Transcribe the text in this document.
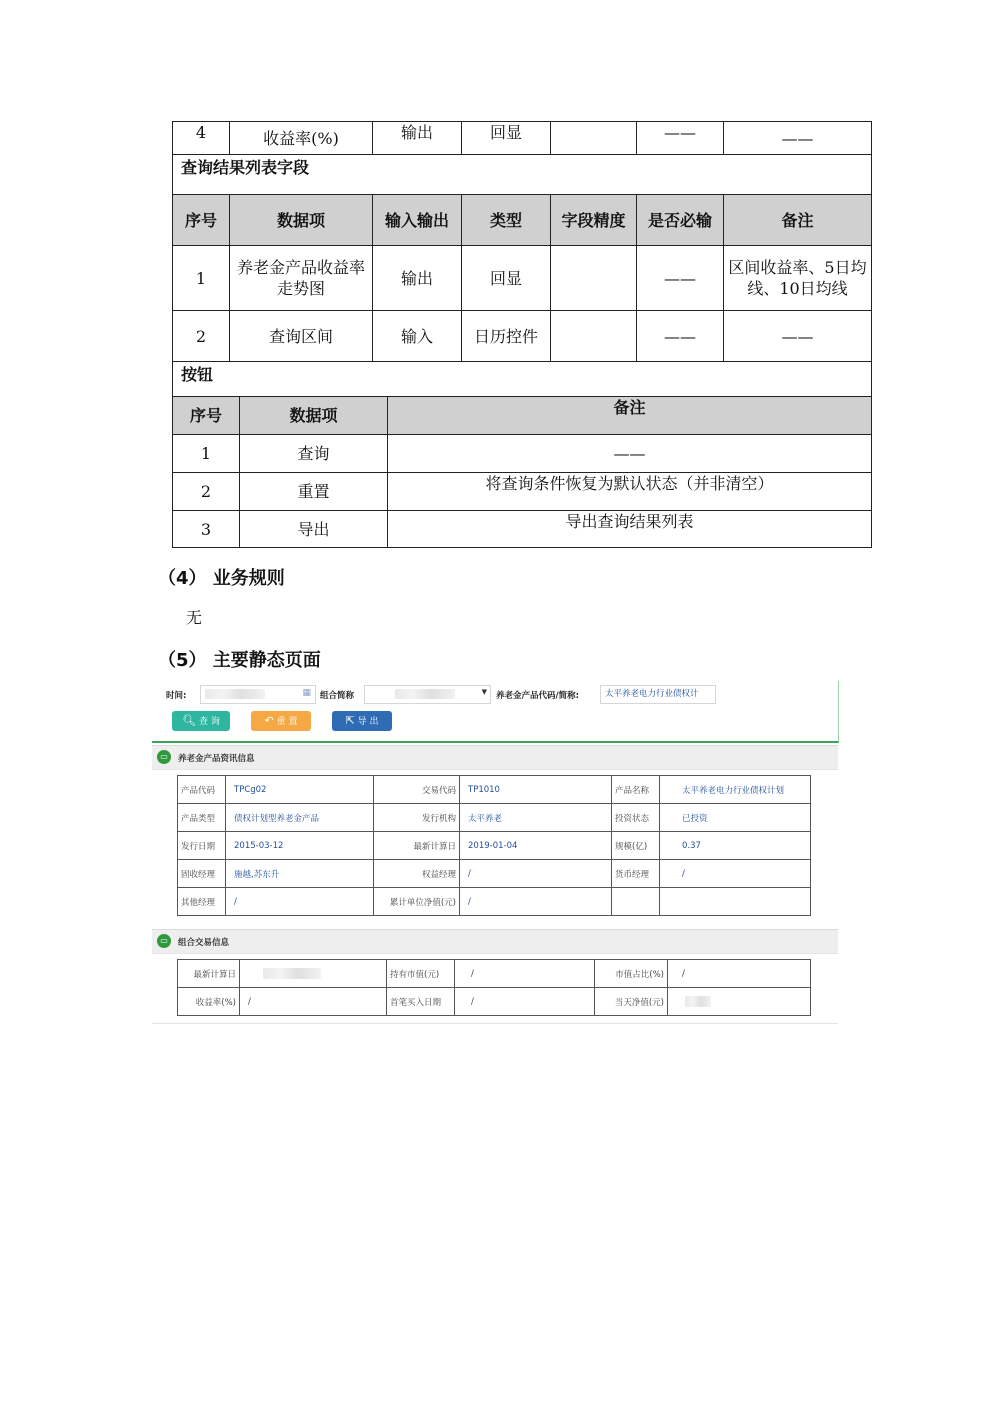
4	收益率(%)	输出	回显		——	——
查询结果列表字段						
序号	数据项	输入输出	类型	字段精度	是否必输	备注
1	养老金产品收益率走势图	输出	回显		——	区间收益率、5日均线、10日均线
2	查询区间	输入	日历控件		——	——
按钮						
序号	数据项	备注
1	查询	——
2	重置	将查询条件恢复为默认状态（并非清空）
3	导出	导出查询结果列表
（4） 业务规则
无
（5） 主要静态页面
时间:	▦ 组合简称	▼ 养老金产品代码/简称:	太平养老电力行业债权计
🔍︎ 查 询	↶ 重 置	⇱ 导 出
▭	养老金产品资讯信息
产品代码	TPCg02	交易代码	TP1010	产品名称	太平养老电力行业债权计划
产品类型	债权计划型养老金产品	发行机构	太平养老	投资状态	已投资
发行日期	2015-03-12	最新计算日	2019-01-04	规模(亿)	0.37
固收经理	施越,苏东升	权益经理	/	货币经理	/
其他经理	/	累计单位净值(元)	/		
▭	组合交易信息
最新计算日		持有市值(元)	/	市值占比(%)	/
收益率(%)	/	首笔买入日期	/	当天净值(元)	
